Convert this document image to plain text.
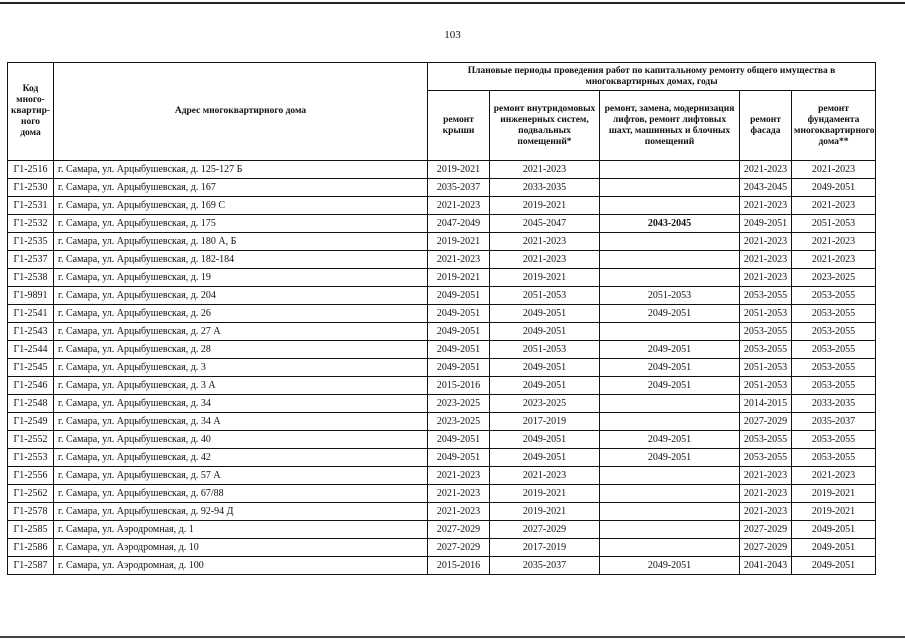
103
Код много-квартир-ного дома	Адрес многоквартирного дома	Плановые периоды проведения работ по капитальному ремонту общего имущества в многоквартирных домах, годы				
		ремонт крыши	ремонт внутридомовых инженерных систем, подвальных помещений*	ремонт, замена, модернизация лифтов, ремонт лифтовых шахт, машинных и блочных помещений	ремонт фасада	ремонт фундамента многоквартирного дома**
Г1-2516	г. Самара, ул. Арцыбушевская, д. 125-127 Б	2019-2021	2021-2023		2021-2023	2021-2023
Г1-2530	г. Самара, ул. Арцыбушевская, д. 167	2035-2037	2033-2035		2043-2045	2049-2051
Г1-2531	г. Самара, ул. Арцыбушевская, д. 169 С	2021-2023	2019-2021		2021-2023	2021-2023
Г1-2532	г. Самара, ул. Арцыбушевская, д. 175	2047-2049	2045-2047	2043-2045	2049-2051	2051-2053
Г1-2535	г. Самара, ул. Арцыбушевская, д. 180 А, Б	2019-2021	2021-2023		2021-2023	2021-2023
Г1-2537	г. Самара, ул. Арцыбушевская, д. 182-184	2021-2023	2021-2023		2021-2023	2021-2023
Г1-2538	г. Самара, ул. Арцыбушевская, д. 19	2019-2021	2019-2021		2021-2023	2023-2025
Г1-9891	г. Самара, ул. Арцыбушевская, д. 204	2049-2051	2051-2053	2051-2053	2053-2055	2053-2055
Г1-2541	г. Самара, ул. Арцыбушевская, д. 26	2049-2051	2049-2051	2049-2051	2051-2053	2053-2055
Г1-2543	г. Самара, ул. Арцыбушевская, д. 27 А	2049-2051	2049-2051		2053-2055	2053-2055
Г1-2544	г. Самара, ул. Арцыбушевская, д. 28	2049-2051	2051-2053	2049-2051	2053-2055	2053-2055
Г1-2545	г. Самара, ул. Арцыбушевская, д. 3	2049-2051	2049-2051	2049-2051	2051-2053	2053-2055
Г1-2546	г. Самара, ул. Арцыбушевская, д. 3 А	2015-2016	2049-2051	2049-2051	2051-2053	2053-2055
Г1-2548	г. Самара, ул. Арцыбушевская, д. 34	2023-2025	2023-2025		2014-2015	2033-2035
Г1-2549	г. Самара, ул. Арцыбушевская, д. 34 А	2023-2025	2017-2019		2027-2029	2035-2037
Г1-2552	г. Самара, ул. Арцыбушевская, д. 40	2049-2051	2049-2051	2049-2051	2053-2055	2053-2055
Г1-2553	г. Самара, ул. Арцыбушевская, д. 42	2049-2051	2049-2051	2049-2051	2053-2055	2053-2055
Г1-2556	г. Самара, ул. Арцыбушевская, д. 57 А	2021-2023	2021-2023		2021-2023	2021-2023
Г1-2562	г. Самара, ул. Арцыбушевская, д. 67/88	2021-2023	2019-2021		2021-2023	2019-2021
Г1-2578	г. Самара, ул. Арцыбушевская, д. 92-94 Д	2021-2023	2019-2021		2021-2023	2019-2021
Г1-2585	г. Самара, ул. Аэродромная, д. 1	2027-2029	2027-2029		2027-2029	2049-2051
Г1-2586	г. Самара, ул. Аэродромная, д. 10	2027-2029	2017-2019		2027-2029	2049-2051
Г1-2587	г. Самара, ул. Аэродромная, д. 100	2015-2016	2035-2037	2049-2051	2041-2043	2049-2051
